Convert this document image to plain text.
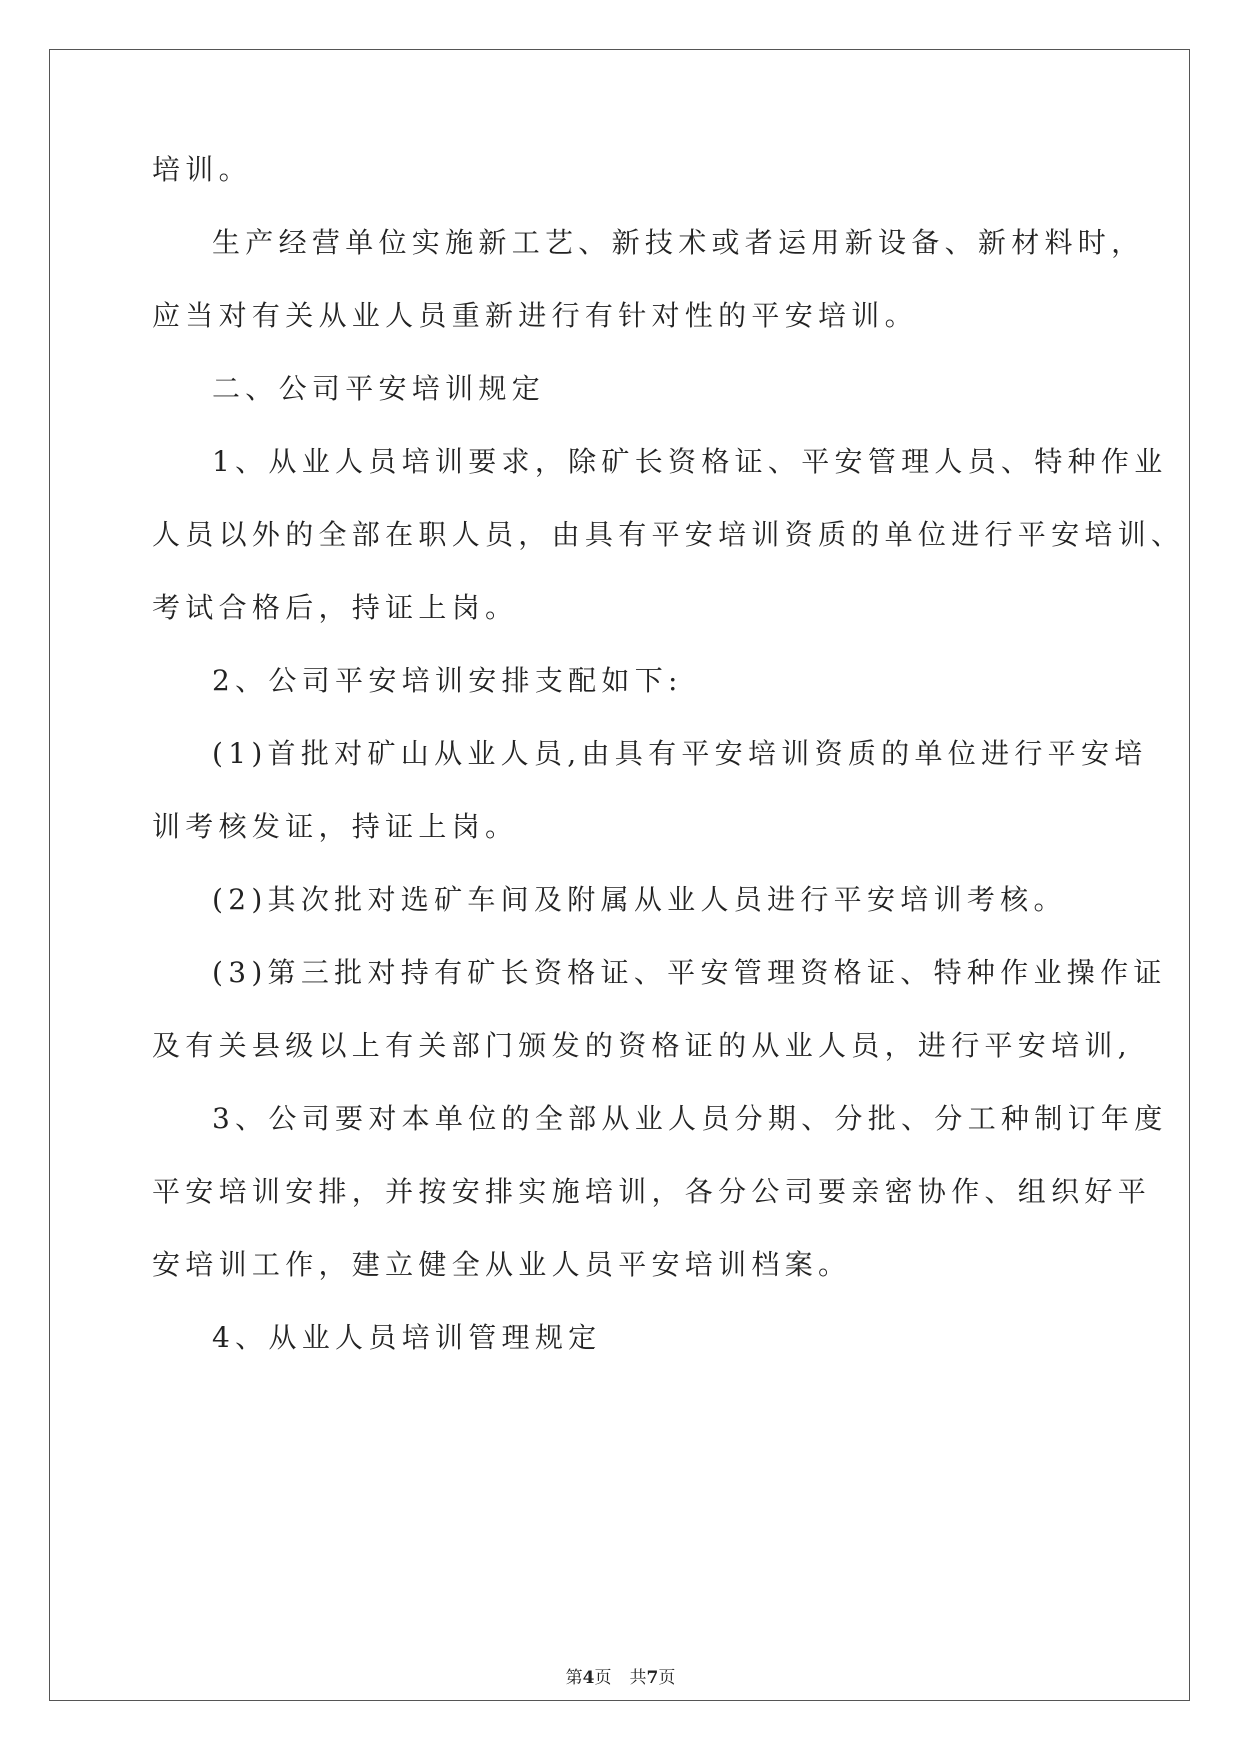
培训。

生产经营单位实施新工艺、新技术或者运用新设备、新材料时，

应当对有关从业人员重新进行有针对性的平安培训。

二、公司平安培训规定

1、从业人员培训要求，除矿长资格证、平安管理人员、特种作业

人员以外的全部在职人员，由具有平安培训资质的单位进行平安培训、

考试合格后，持证上岗。

2、公司平安培训安排支配如下:

(1)首批对矿山从业人员,由具有平安培训资质的单位进行平安培

训考核发证，持证上岗。

(2)其次批对选矿车间及附属从业人员进行平安培训考核。

(3)第三批对持有矿长资格证、平安管理资格证、特种作业操作证

及有关县级以上有关部门颁发的资格证的从业人员，进行平安培训,

3、公司要对本单位的全部从业人员分期、分批、分工种制订年度

平安培训安排，并按安排实施培训，各分公司要亲密协作、组织好平

安培训工作，建立健全从业人员平安培训档案。

4、从业人员培训管理规定

第4页 共7页
